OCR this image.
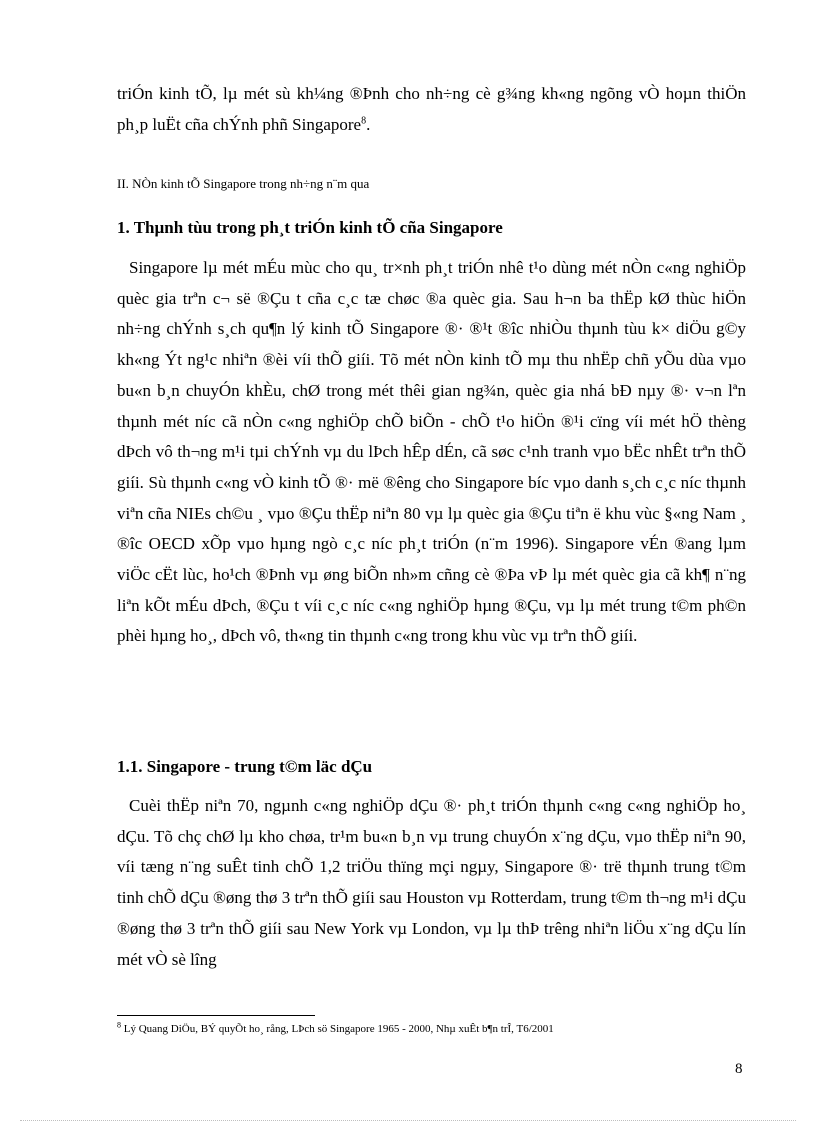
triÓn kinh tÕ, lµ mét sù kh¼ng ®Þnh cho nh÷ng cè g¾ng kh«ng ngõng vÒ hoµn thiÖn ph¸p luËt cña chÝnh phñ Singapore$^8$.

II. NÒn kinh tÕ Singapore trong nh÷ng n¨m qua
1. Thµnh tùu trong ph¸t triÓn kinh tÕ cña Singapore

Singapore lµ mét mÉu mùc cho qu¸ tr×nh ph¸t triÓn nhê t¹o dùng mét nÒn c«ng nghiÖp quèc gia trªn c¬ së ®Çu t cña c¸c tæ chøc ®a quèc gia. Sau h¬n ba thËp kØ thùc hiÖn nh÷ng chÝnh s¸ch qu¶n lý kinh tÕ Singapore ®· ®¹t ®îc nhiÒu thµnh tùu k× diÖu g©y kh«ng Ýt ng¹c nhiªn ®èi víi thÕ giíi. Tõ mét nÒn kinh tÕ mµ thu nhËp chñ yÕu dùa vµo bu«n b¸n chuyÓn khÈu, chØ trong mét thêi gian ng¾n, quèc gia nhá bÐ nµy ®· v¬n lªn thµnh mét níc cã nÒn c«ng nghiÖp chÕ biÕn - chÕ t¹o hiÖn ®¹i cïng víi mét hÖ thèng dÞch vô th¬ng m¹i tµi chÝnh vµ du lÞch hÊp dÉn, cã søc c¹nh tranh vµo bËc nhÊt trªn thÕ giíi. Sù thµnh c«ng vÒ kinh tÕ ®· më ®êng cho Singapore bíc vµo danh s¸ch c¸c níc thµnh viªn cña NIEs ch©u ¸ vµo ®Çu thËp niªn 80 vµ lµ quèc gia ®Çu tiªn ë khu vùc §«ng Nam ¸ ®îc OECD xÕp vµo hµng ngò c¸c níc ph¸t triÓn (n¨m 1996). Singapore vÉn ®ang lµm viÖc cËt lùc, ho¹ch ®Þnh vµ øng biÕn nh»m cñng cè ®Þa vÞ lµ mét quèc gia cã kh¶ n¨ng liªn kÕt mÉu dÞch, ®Çu t víi c¸c níc c«ng nghiÖp hµng ®Çu, vµ lµ mét trung t©m ph©n phèi hµng ho¸, dÞch vô, th«ng tin thµnh c«ng trong khu vùc vµ trªn thÕ giíi.

1.1. Singapore - trung t©m läc dÇu

Cuèi thËp niªn 70, ngµnh c«ng nghiÖp dÇu ®· ph¸t triÓn thµnh c«ng c«ng nghiÖp ho¸ dÇu. Tõ chç chØ lµ kho chøa, tr¹m bu«n b¸n vµ trung chuyÓn x¨ng dÇu, vµo thËp niªn 90, víi tæng n¨ng suÊt tinh chÕ 1,2 triÖu thïng mçi ngµy, Singapore ®· trë thµnh trung t©m tinh chÕ dÇu ®øng thø 3 trªn thÕ giíi sau Houston vµ Rotterdam, trung t©m th¬ng m¹i dÇu ®øng thø 3 trªn thÕ giíi sau New York vµ London, vµ lµ thÞ trêng nhiªn liÖu x¨ng dÇu lín mét vÒ sè lîng

$^8$ Lý Quang DiÖu, BÝ quyÕt ho¸ rång, LÞch sö Singapore 1965 - 2000, Nhµ xuÊt b¶n trÎ, T6/2001

8
